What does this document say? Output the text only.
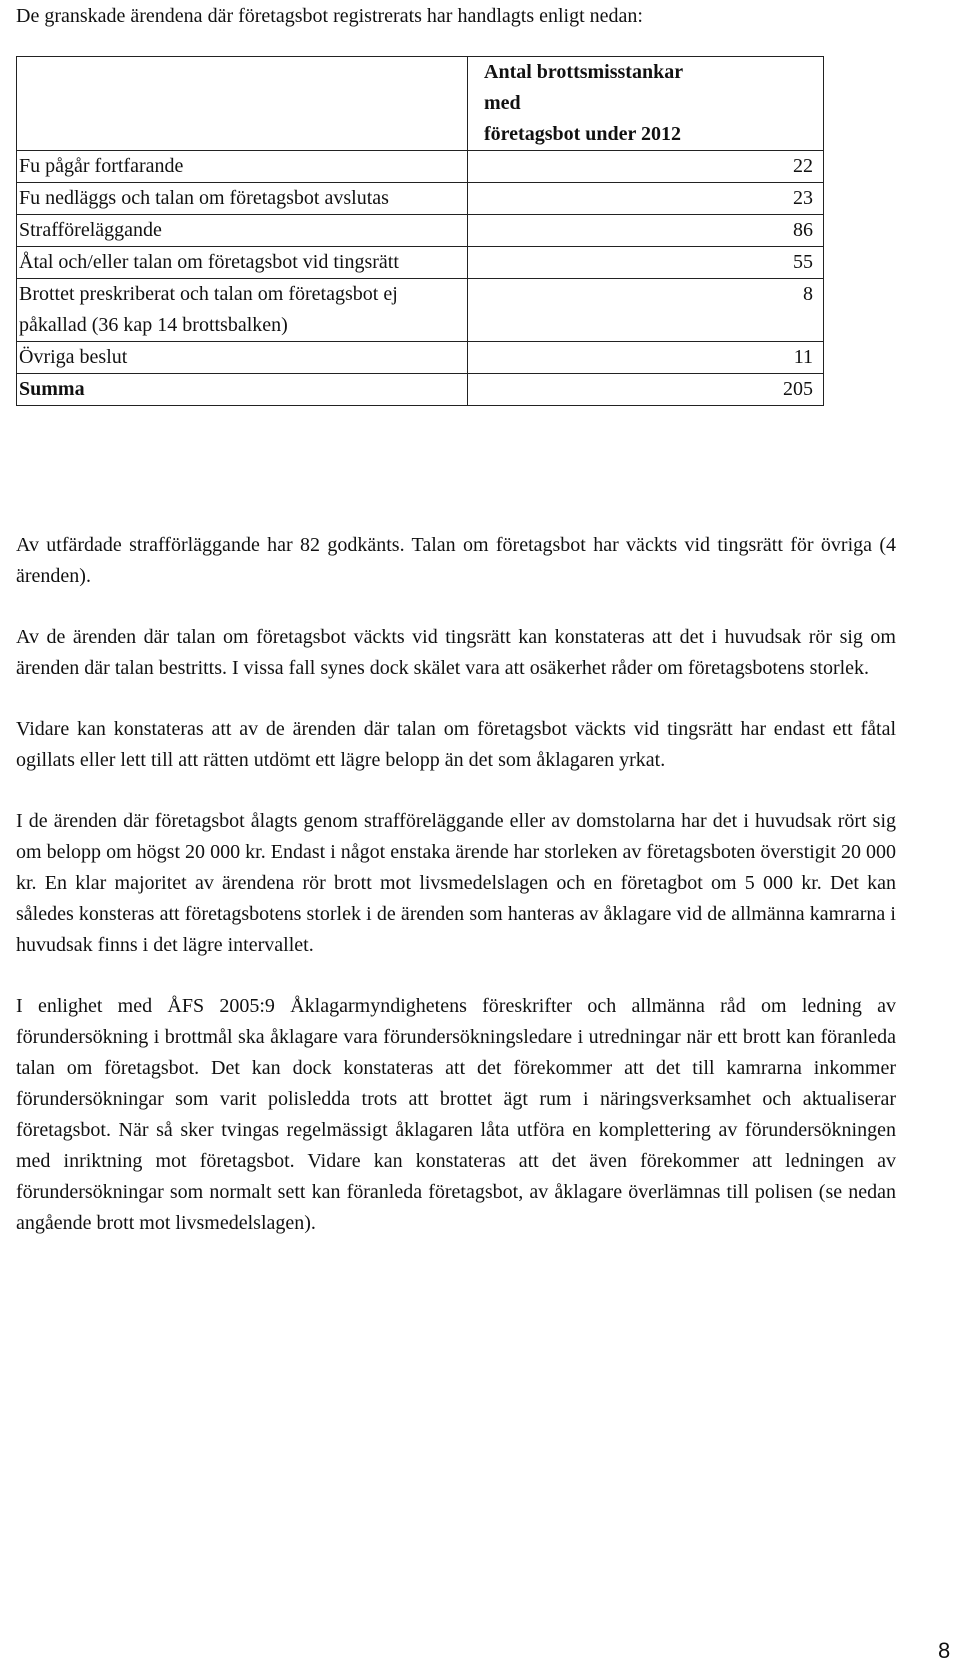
De granskade ärendena där företagsbot registrerats har handlagts enligt nedan:

	Antal brottsmisstankar
med
företagsbot under 2012

Fu pågår fortfarande	22
Fu nedläggs och talan om företagsbot avslutas	23
Strafföreläggande	86
Åtal och/eller talan om företagsbot vid tingsrätt	55
Brottet preskriberat och talan om företagsbot ej påkallad (36 kap 14 brottsbalken)	8
Övriga beslut	11
Summa	205

Av utfärdade strafförläggande har 82 godkänts. Talan om företagsbot har väckts vid tingsrätt för övriga (4 ärenden).

Av de ärenden där talan om företagsbot väckts vid tingsrätt kan konstateras att det i huvudsak rör sig om ärenden där talan bestritts. I vissa fall synes dock skälet vara att osäkerhet råder om företagsbotens storlek.

Vidare kan konstateras att av de ärenden där talan om företagsbot väckts vid tingsrätt har endast ett fåtal ogillats eller lett till att rätten utdömt ett lägre belopp än det som åklagaren yrkat.

I de ärenden där företagsbot ålagts genom strafföreläggande eller av domstolarna har det i huvudsak rört sig om belopp om högst 20 000 kr. Endast i något enstaka ärende har storleken av företagsboten överstigit 20 000 kr. En klar majoritet av ärendena rör brott mot livsmedelslagen och en företagbot om 5 000 kr. Det kan således konsteras att företagsbotens storlek i de ärenden som hanteras av åklagare vid de allmänna kamrarna i huvudsak finns i det lägre intervallet.

I enlighet med ÅFS 2005:9 Åklagarmyndighetens föreskrifter och allmänna råd om ledning av förundersökning i brottmål ska åklagare vara förundersökningsledare i utredningar när ett brott kan föranleda talan om företagsbot. Det kan dock konstateras att det förekommer att det till kamrarna inkommer förundersökningar som varit polisledda trots att brottet ägt rum i näringsverksamhet och aktualiserar företagsbot. När så sker tvingas regelmässigt åklagaren låta utföra en komplettering av förundersökningen med inriktning mot företagsbot. Vidare kan konstateras att det även förekommer att ledningen av förundersökningar som normalt sett kan föranleda företagsbot, av åklagare överlämnas till polisen (se nedan angående brott mot livsmedelslagen).

8
